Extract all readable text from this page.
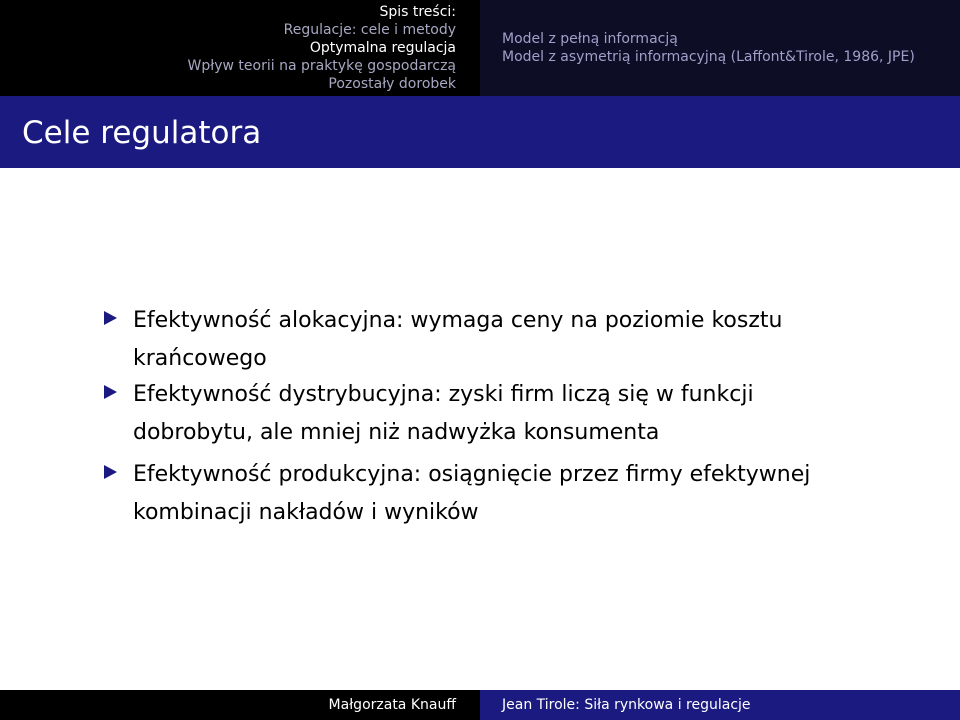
Spis treści:
Regulacje: cele i metody
Optymalna regulacja
Wpływ teorii na praktykę gospodarczą
Pozostały dorobek
Model z pełną informacją
Model z asymetrią informacyjną (Laffont&Tirole, 1986, JPE)
Cele regulatora
Efektywność alokacyjna: wymaga ceny na poziomie kosztu krańcowego
Efektywność dystrybucyjna: zyski firm liczą się w funkcji dobrobytu, ale mniej niż nadwyżka konsumenta
Efektywność produkcyjna: osiągnięcie przez firmy efektywnej kombinacji nakładów i wyników
Małgorzata Knauff	Jean Tirole: Siła rynkowa i regulacje
